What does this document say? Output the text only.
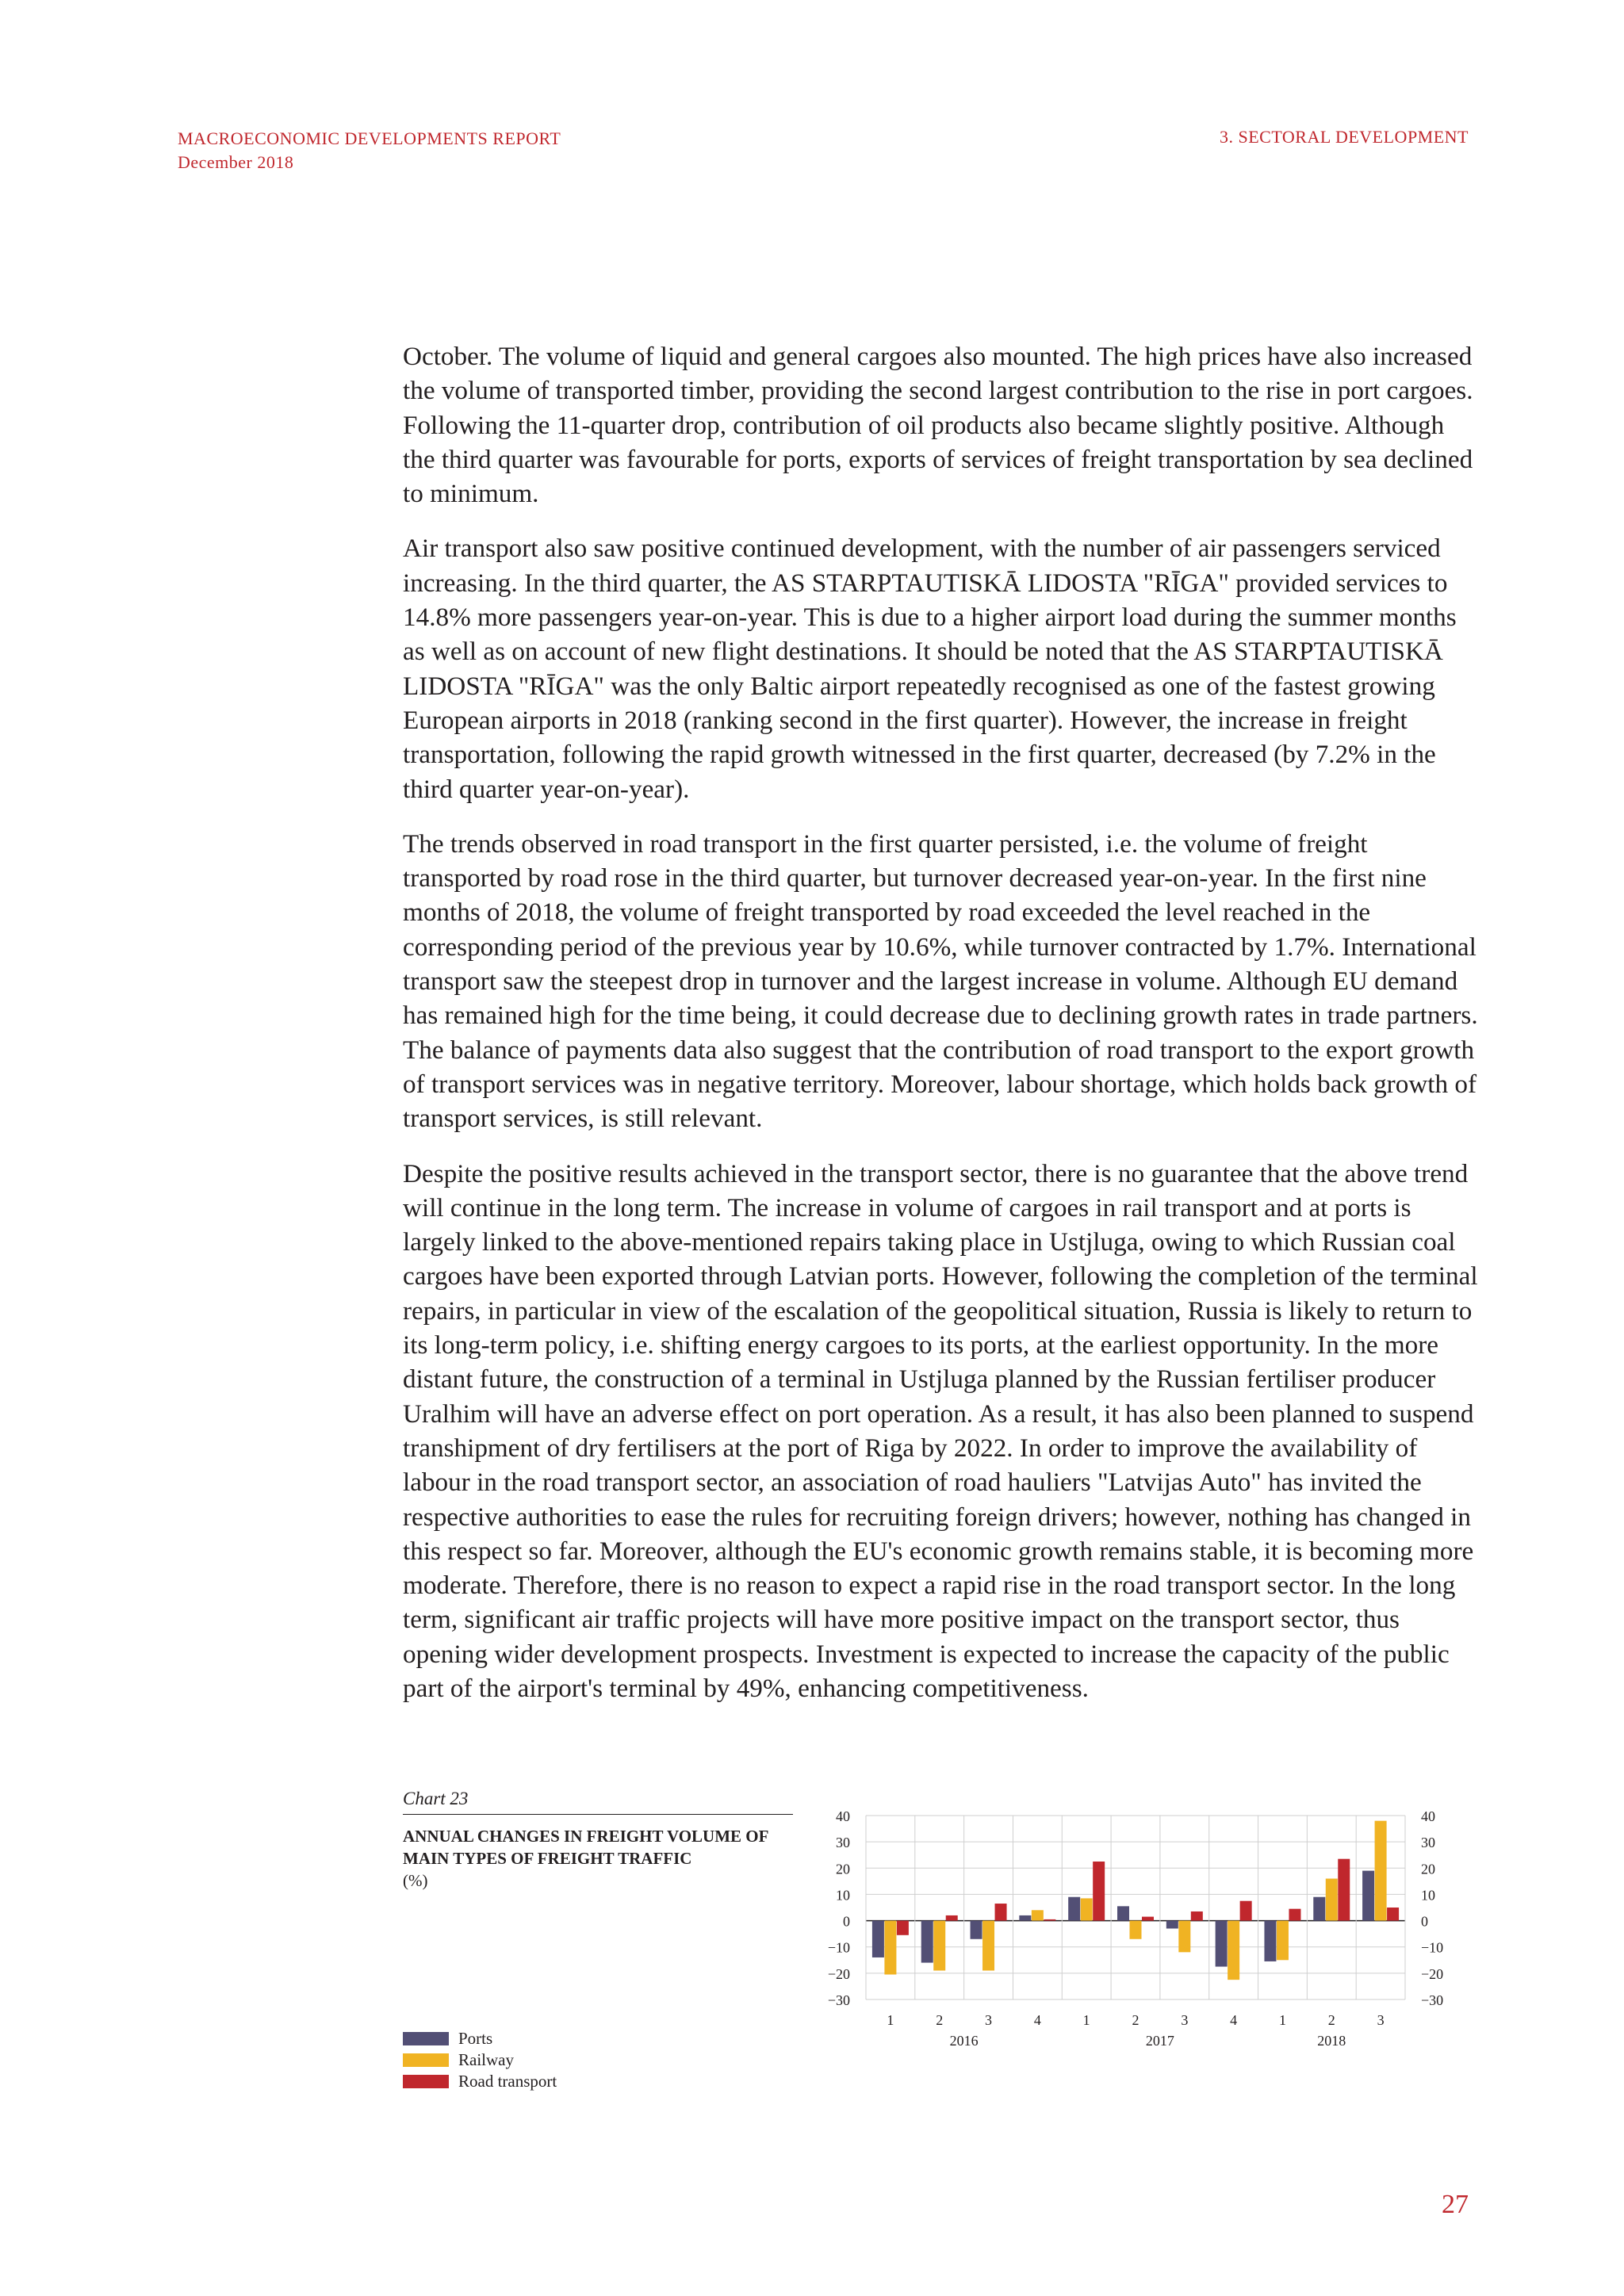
MACROECONOMIC DEVELOPMENTS REPORT
December 2018
3. SECTORAL DEVELOPMENT

October. The volume of liquid and general cargoes also mounted. The high prices have also increased the volume of transported timber, providing the second largest contribution to the rise in port cargoes. Following the 11-quarter drop, contribution of oil products also became slightly positive. Although the third quarter was favourable for ports, exports of services of freight transportation by sea declined to minimum.

Air transport also saw positive continued development, with the number of air passengers serviced increasing. In the third quarter, the AS STARPTAUTISKĀ LIDOSTA "RĪGA" provided services to 14.8% more passengers year-on-year. This is due to a higher airport load during the summer months as well as on account of new flight destinations. It should be noted that the AS STARPTAUTISKĀ LIDOSTA "RĪGA" was the only Baltic airport repeatedly recognised as one of the fastest growing European airports in 2018 (ranking second in the first quarter). However, the increase in freight transportation, following the rapid growth witnessed in the first quarter, decreased (by 7.2% in the third quarter year-on-year).

The trends observed in road transport in the first quarter persisted, i.e. the volume of freight transported by road rose in the third quarter, but turnover decreased year-on-year. In the first nine months of 2018, the volume of freight transported by road exceeded the level reached in the corresponding period of the previous year by 10.6%, while turnover contracted by 1.7%. International transport saw the steepest drop in turnover and the largest increase in volume. Although EU demand has remained high for the time being, it could decrease due to declining growth rates in trade partners. The balance of payments data also suggest that the contribution of road transport to the export growth of transport services was in negative territory. Moreover, labour shortage, which holds back growth of transport services, is still relevant.

Despite the positive results achieved in the transport sector, there is no guarantee that the above trend will continue in the long term. The increase in volume of cargoes in rail transport and at ports is largely linked to the above-mentioned repairs taking place in Ustjluga, owing to which Russian coal cargoes have been exported through Latvian ports. However, following the completion of the terminal repairs, in particular in view of the escalation of the geopolitical situation, Russia is likely to return to its long-term policy, i.e. shifting energy cargoes to its ports, at the earliest opportunity. In the more distant future, the construction of a terminal in Ustjluga planned by the Russian fertiliser producer Uralhim will have an adverse effect on port operation. As a result, it has also been planned to suspend transhipment of dry fertilisers at the port of Riga by 2022. In order to improve the availability of labour in the road transport sector, an association of road hauliers "Latvijas Auto" has invited the respective authorities to ease the rules for recruiting foreign drivers; however, nothing has changed in this respect so far. Moreover, although the EU's economic growth remains stable, it is becoming more moderate. Therefore, there is no reason to expect a rapid rise in the road transport sector. In the long term, significant air traffic projects will have more positive impact on the transport sector, thus opening wider development prospects. Investment is expected to increase the capacity of the public part of the airport's terminal by 49%, enhancing competitiveness.

Chart 23
ANNUAL CHANGES IN FREIGHT VOLUME OF MAIN TYPES OF FREIGHT TRAFFIC
(%)
Ports
Railway
Road transport
40	40
30	30
20	20
10	10
0	0
−10	−10
−20	−20
−30	−30
1	2	3	4	1	2	3	4	1	2	3
2016	2017	2018
27
